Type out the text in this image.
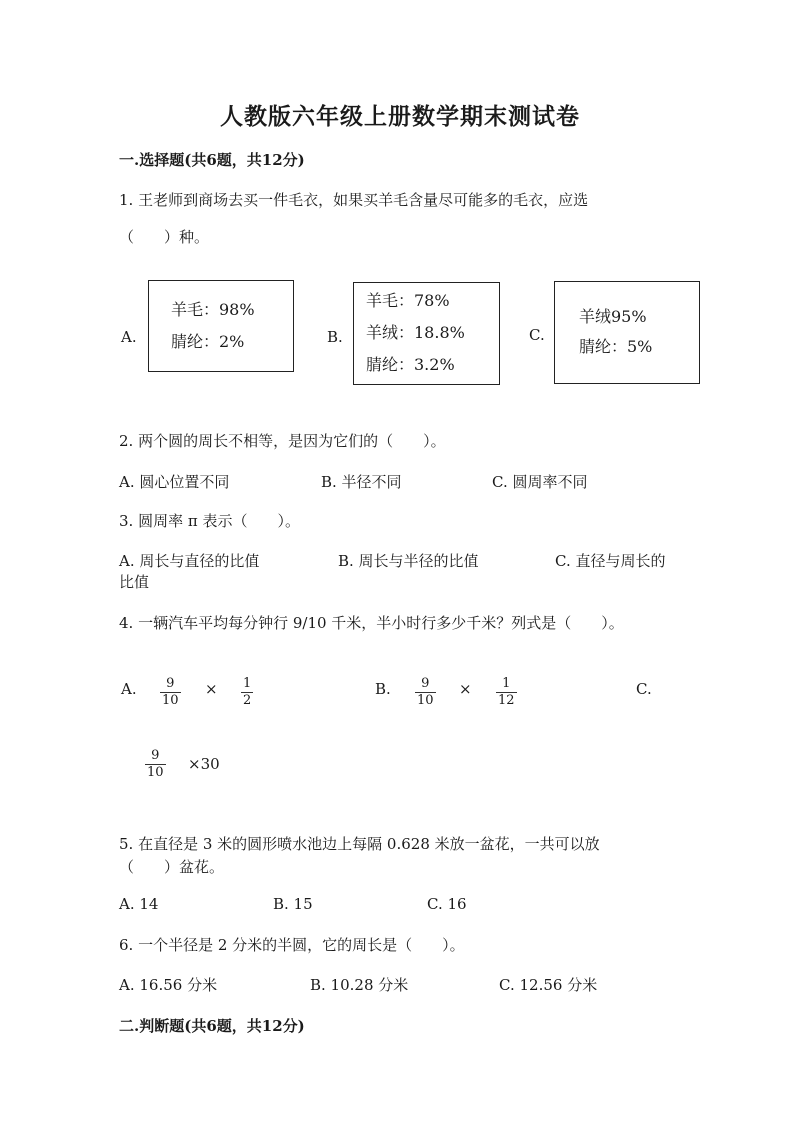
人教版六年级上册数学期末测试卷
一.选择题(共6题，共12分)
1. 王老师到商场去买一件毛衣，如果买羊毛含量尽可能多的毛衣，应选
（　　）种。
A.
羊毛：98%
腈纶：2%	B.
羊毛：78%
羊绒：18.8%
腈纶：3.2%
C.
羊绒95%
腈纶：5%
2. 两个圆的周长不相等，是因为它们的（　　）。
A. 圆心位置不同	B. 半径不同	C. 圆周率不同
3. 圆周率 π 表示（　　）。
A. 周长与直径的比值	B. 周长与半径的比值	C. 直径与周长的
比值
4. 一辆汽车平均每分钟行 9/10 千米，半小时行多少千米？列式是（　　）。
A. $\frac{9}{10} \times \frac{1}{2}$	B. $\frac{9}{10} \times \frac{1}{12}$	C.
$\frac{9}{10} \times 30$
5. 在直径是 3 米的圆形喷水池边上每隔 0.628 米放一盆花，一共可以放
（　　）盆花。
A. 14	B. 15	C. 16
6. 一个半径是 2 分米的半圆，它的周长是（　　）。
A. 16.56 分米	B. 10.28 分米	C. 12.56 分米
二.判断题(共6题，共12分)
